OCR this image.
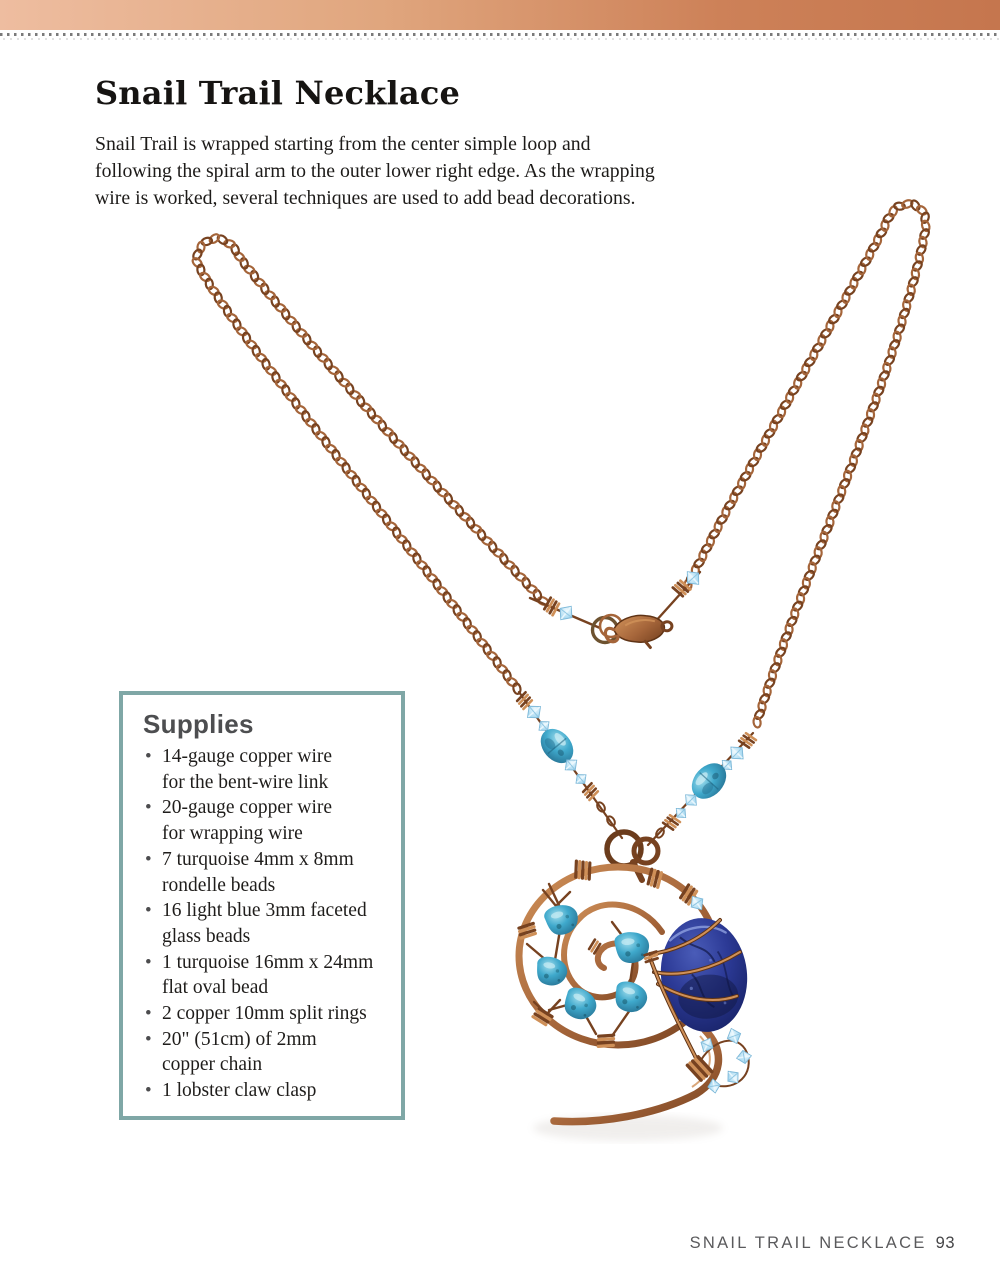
Snail Trail Necklace

Snail Trail is wrapped starting from the center simple loop and
following the spiral arm to the outer lower right edge. As the wrapping
wire is worked, several techniques are used to add bead decorations.

Supplies
• 14-gauge copper wire
for the bent-wire link
• 20-gauge copper wire
for wrapping wire
• 7 turquoise 4mm x 8mm
rondelle beads
• 16 light blue 3mm faceted
glass beads
• 1 turquoise 16mm x 24mm
flat oval bead
• 2 copper 10mm split rings
• 20" (51cm) of 2mm
copper chain
• 1 lobster claw clasp
SNAIL TRAIL NECKLACE 93
